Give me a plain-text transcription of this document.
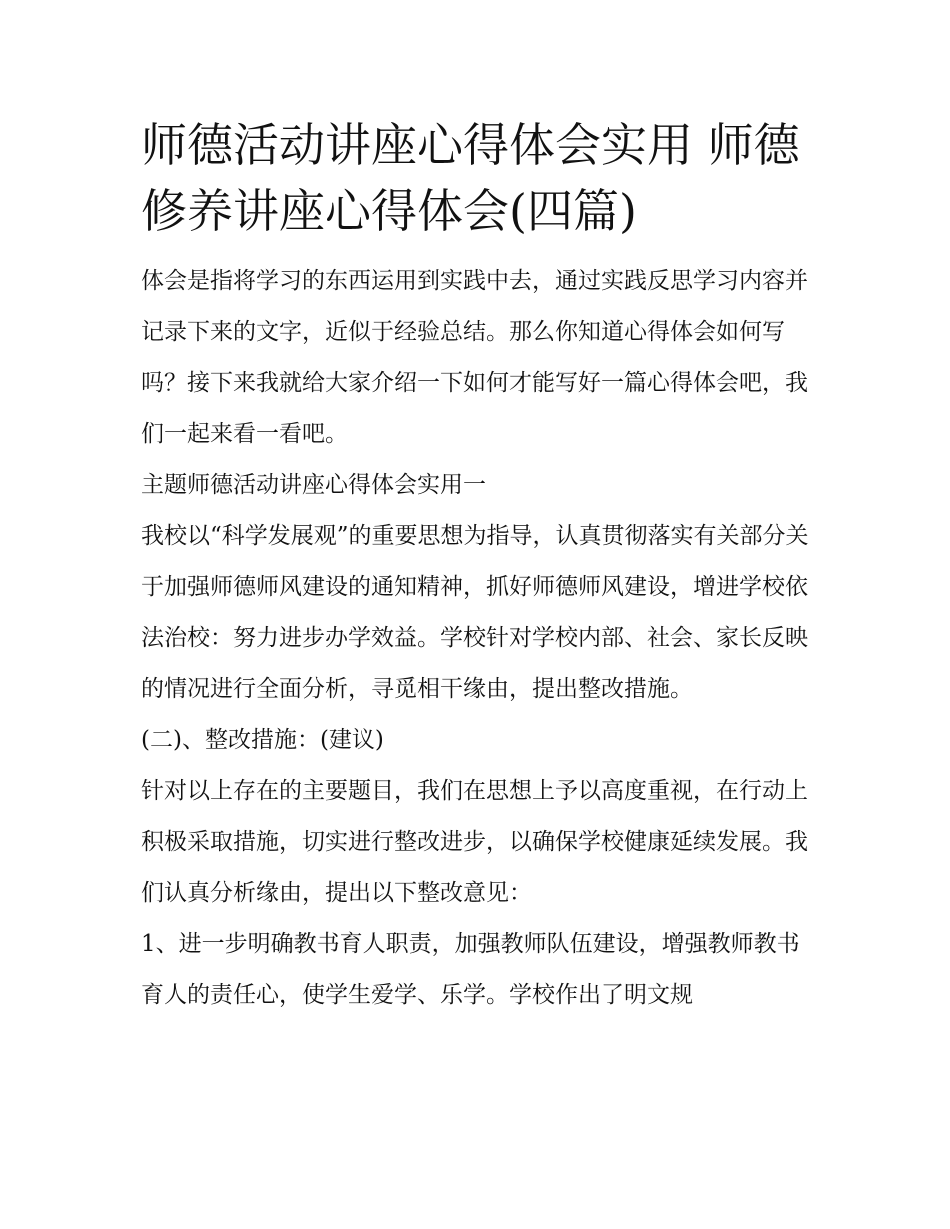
师德活动讲座心得体会实用 师德修养讲座心得体会(四篇)

体会是指将学习的东西运用到实践中去，通过实践反思学习内容并记录下来的文字，近似于经验总结。那么你知道心得体会如何写吗？接下来我就给大家介绍一下如何才能写好一篇心得体会吧，我们一起来看一看吧。

主题师德活动讲座心得体会实用一

我校以“科学发展观”的重要思想为指导，认真贯彻落实有关部分关于加强师德师风建设的通知精神，抓好师德师风建设，增进学校依法治校：努力进步办学效益。学校针对学校内部、社会、家长反映的情况进行全面分析，寻觅相干缘由，提出整改措施。

(二)、整改措施：(建议)

针对以上存在的主要题目，我们在思想上予以高度重视，在行动上积极采取措施，切实进行整改进步，以确保学校健康延续发展。我们认真分析缘由，提出以下整改意见：

1、进一步明确教书育人职责，加强教师队伍建设，增强教师教书育人的责任心，使学生爱学、乐学。学校作出了明文规
